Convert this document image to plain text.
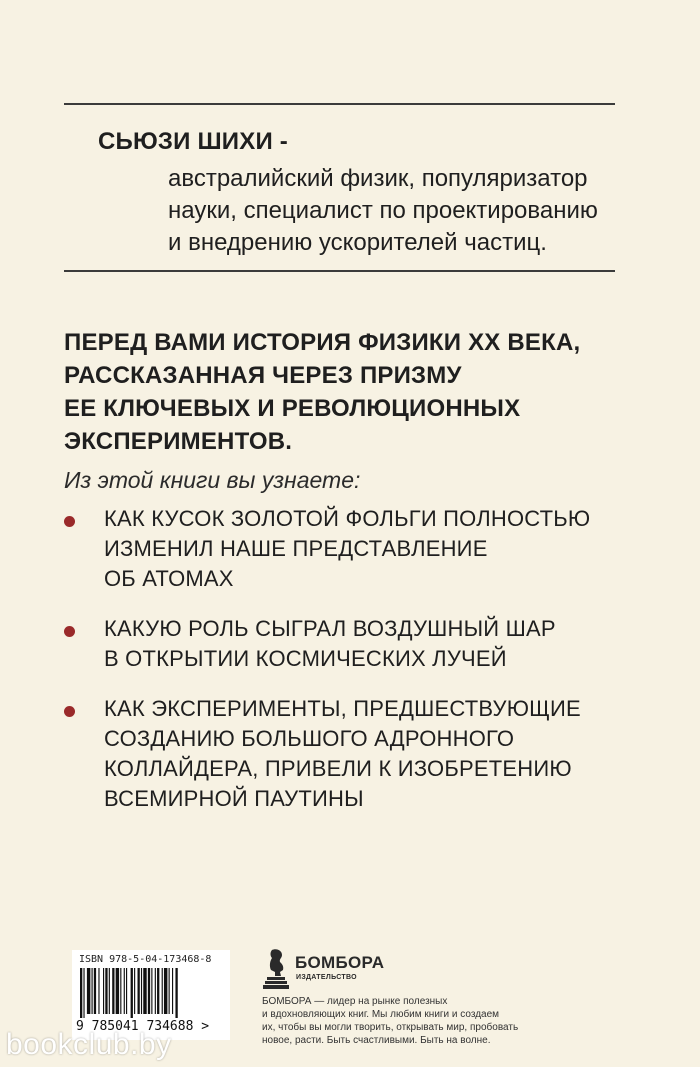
СЬЮЗИ ШИХИ -
австралийский физик, популяризатор
науки, специалист по проектированию
и внедрению ускорителей частиц.
ПЕРЕД ВАМИ ИСТОРИЯ ФИЗИКИ XX ВЕКА,
РАССКАЗАННАЯ ЧЕРЕЗ ПРИЗМУ
ЕЕ КЛЮЧЕВЫХ И РЕВОЛЮЦИОННЫХ
ЭКСПЕРИМЕНТОВ.
Из этой книги вы узнаете:
КАК КУСОК ЗОЛОТОЙ ФОЛЬГИ ПОЛНОСТЬЮ
ИЗМЕНИЛ НАШЕ ПРЕДСТАВЛЕНИЕ
ОБ АТОМАХ
КАКУЮ РОЛЬ СЫГРАЛ ВОЗДУШНЫЙ ШАР
В ОТКРЫТИИ КОСМИЧЕСКИХ ЛУЧЕЙ
КАК ЭКСПЕРИМЕНТЫ, ПРЕДШЕСТВУЮЩИЕ
СОЗДАНИЮ БОЛЬШОГО АДРОННОГО
КОЛЛАЙДЕРА, ПРИВЕЛИ К ИЗОБРЕТЕНИЮ
ВСЕМИРНОЙ ПАУТИНЫ
ISBN 978-5-04-173468-8
9 785041 734688 >
БОМБОРА
ИЗДАТЕЛЬСТВО
БОМБОРА — лидер на рынке полезных
и вдохновляющих книг. Мы любим книги и создаем
их, чтобы вы могли творить, открывать мир, пробовать
новое, расти. Быть счастливыми. Быть на волне.
bookclub.by
